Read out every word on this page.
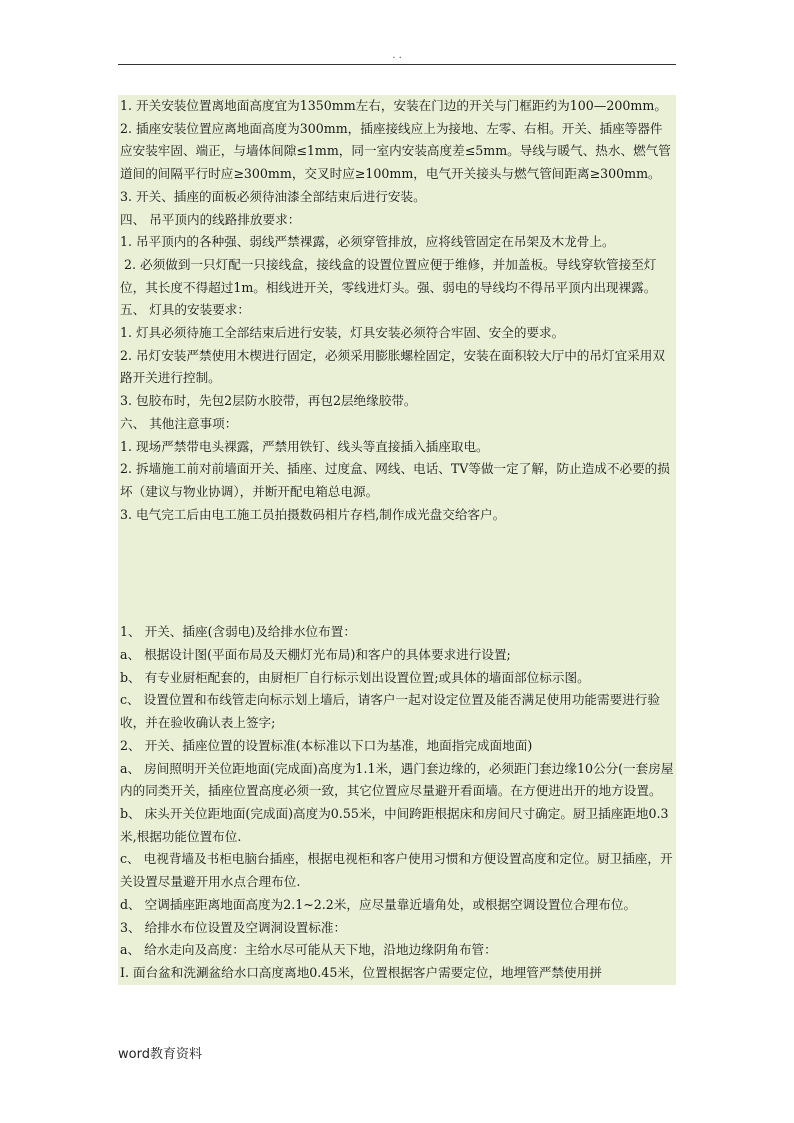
. .

1. 开关安装位置离地面高度宜为1350mm左右，安装在门边的开关与门框距约为100—200mm。

2. 插座安装位置应离地面高度为300mm，插座接线应上为接地、左零、右相。开关、插座等器件应安装牢固、端正，与墙体间隙≤1mm，同一室内安装高度差≤5mm。导线与暖气、热水、燃气管道间的间隔平行时应≥300mm，交叉时应≥100mm，电气开关接头与燃气管间距离≥300mm。

3. 开关、插座的面板必须待油漆全部结束后进行安装。

四、 吊平顶内的线路排放要求：

1. 吊平顶内的各种强、弱线严禁裸露，必须穿管排放，应将线管固定在吊架及木龙骨上。

2. 必须做到一只灯配一只接线盒，接线盒的设置位置应便于维修，并加盖板。导线穿软管接至灯位，其长度不得超过1m。相线进开关，零线进灯头。强、弱电的导线均不得吊平顶内出现裸露。

五、 灯具的安装要求：

1. 灯具必须待施工全部结束后进行安装，灯具安装必须符合牢固、安全的要求。

2. 吊灯安装严禁使用木楔进行固定，必须采用膨胀螺栓固定，安装在面积较大厅中的吊灯宜采用双路开关进行控制。

3. 包胶布时，先包2层防水胶带，再包2层绝缘胶带。

六、 其他注意事项：

1. 现场严禁带电头裸露，严禁用铁钉、线头等直接插入插座取电。

2. 拆墙施工前对前墙面开关、插座、过度盒、网线、电话、TV等做一定了解，防止造成不必要的损坏（建议与物业协调），并断开配电箱总电源。

3. 电气完工后由电工施工员拍摄数码相片存档,制作成光盘交给客户。

1、 开关、插座(含弱电)及给排水位布置：

a、 根据设计图(平面布局及天棚灯光布局)和客户的具体要求进行设置;

b、 有专业厨柜配套的，由厨柜厂自行标示划出设置位置;或具体的墙面部位标示图。

c、 设置位置和布线管走向标示划上墙后，请客户一起对设定位置及能否满足使用功能需要进行验收，并在验收确认表上签字;

2、 开关、插座位置的设置标准(本标准以下口为基准，地面指完成面地面)

a、 房间照明开关位距地面(完成面)高度为1.1米，遇门套边缘的，必须距门套边缘10公分(一套房屋内的同类开关，插座位置高度必须一致，其它位置应尽量避开看面墙。在方便进出开的地方设置。

b、 床头开关位距地面(完成面)高度为0.55米，中间跨距根据床和房间尺寸确定。厨卫插座距地0.3米,根据功能位置布位.

c、 电视背墙及书柜电脑台插座，根据电视柜和客户使用习惯和方便设置高度和定位。厨卫插座，开关设置尽量避开用水点合理布位.

d、 空调插座距离地面高度为2.1~2.2米，应尽量靠近墙角处，或根据空调设置位合理布位。

3、 给排水布位设置及空调洞设置标准：

a、 给水走向及高度：主给水尽可能从天下地，沿地边缘阴角布管：

I. 面台盆和洗涮盆给水口高度离地0.45米，位置根据客户需要定位，地埋管严禁使用拼

word教育资料
